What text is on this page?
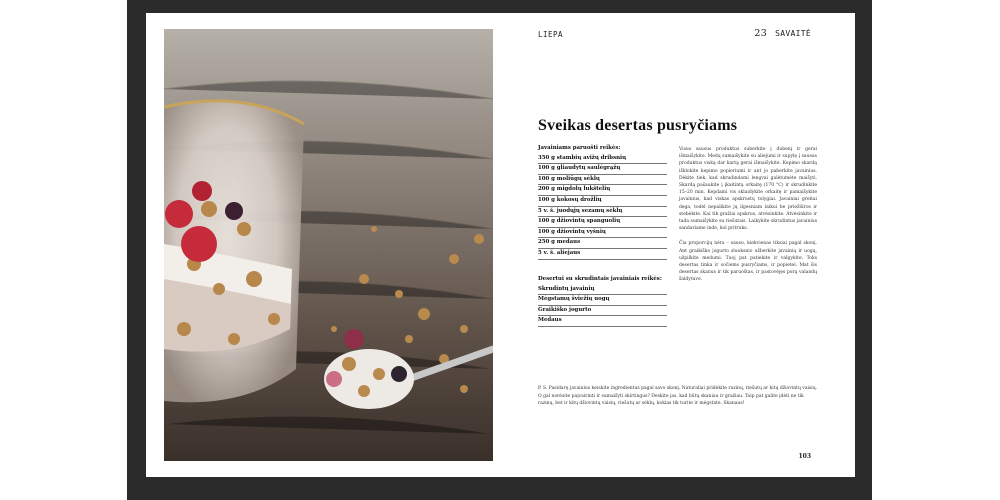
LIEPA	23 SAVAITĖ
Sveikas desertas pusryčiams
Javainiams paruošti reikės:
350 g stambių avižų dribsnių
100 g gliaudytų saulėgrąžų
100 g moliūgų sėklų
200 g migdolų lukštelių
100 g kokosų drožlių
5 v. š. juodųjų sezamų sėklų
100 g džiovintų spanguolių
100 g džiovintų vyšnių
250 g medaus
5 v. š. aliejaus
Desertui su skrudintais javainiais reikės:
Skrudintų javainių
Mėgstamų šviežių uogų
Graikiško jogurto
Medaus

Visus sausus produktus suberkite į dubenį ir gerai išmaišykite. Medų sumaišykite su aliejumi ir supylę į sausus produktus viską dar kartą gerai išmaišykite. Kepimo skardą išklokite kepimo popieriumi ir ant jo paberkite javainius. Dėkite tiek, kad skrudindami lengvai galėtumėte maišyti. Skardą pašaukite į įkaitintą orkaitę (170 °C) ir skrudinkite 15–20 min. Kepdami vis sklaidykite orkaitę ir pamaišykite javainius, kad viskas apskrustų tolygiai. Javainiai greitai dega, todėl nepalikite jų ilgesniam laikui be priežiūros ir stebėkite. Kai tik gražiai apskrus, atvėsinkite. Atvėsinkite ir tada sumaišykite su riešutais. Laikykite skrudintus javainius sandariame inde, kol pritruks.

Čia proporcijų nėra – sauso, kiekvienas tiksiai pagal skonį. Ant graikiško jogurto sluoksnio užberkite javainių ir uogų, užpilkite medumi. Tuoj pat patiekite ir valgykite. Toks desertas tinka ir sočiems pusryčiams, ir popietei. Mat šis desertas skanus ir tik paruoštas, ir pastovėjęs porą valandų šaldytuve.

P. S. Pasidarę javainius keiskite ingredientus pagal savo skonį. Naturaliai pridėkite razinų, riešutų ar kitų džiovintų vaisių. O gal norėsite paįvairinti ir sumaišyti skirtingus? Deskite jas, kad būtų skaniau ir gražiau. Taip pat galite įdėti ne tik razinų, bet ir kitų džiovintų vaisių, riešutų ar sėklų, kokias tik turite ir mėgstate. Skanaus!
103
